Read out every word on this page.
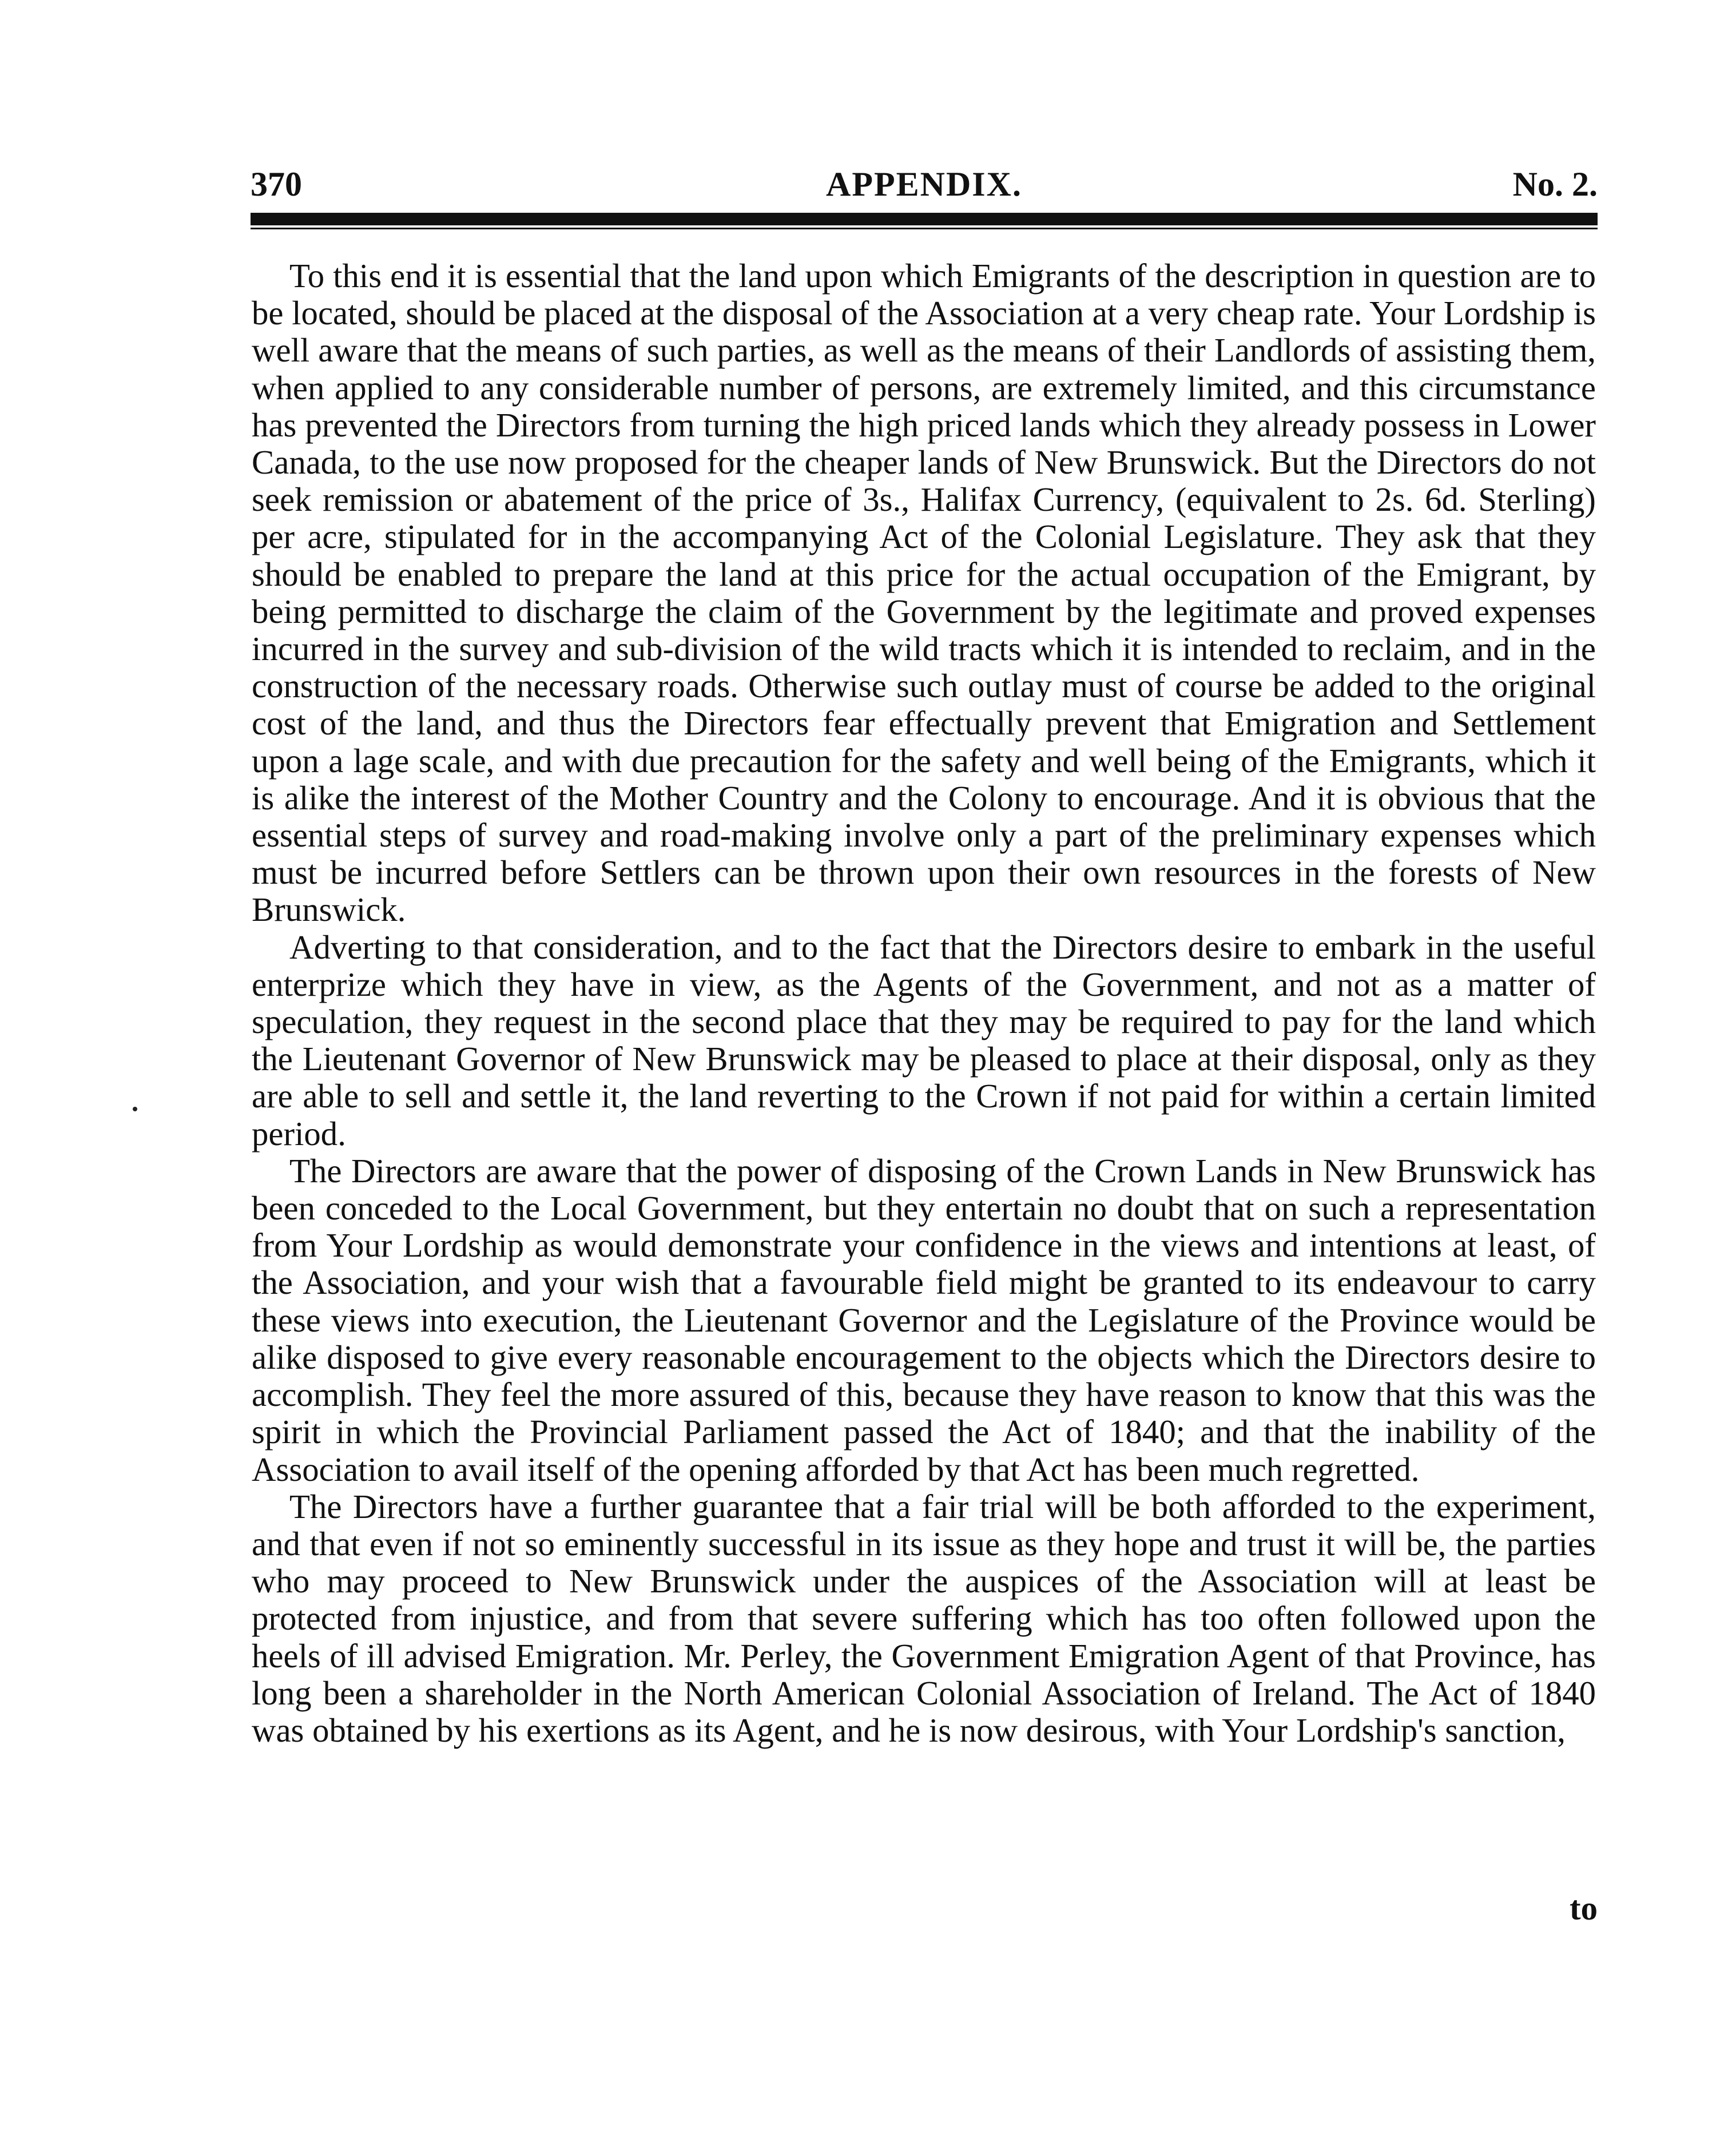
370	APPENDIX.	No. 2.

To this end it is essential that the land upon which Emigrants of the description in question are to be located, should be placed at the disposal of the Association at a very cheap rate. Your Lordship is well aware that the means of such parties, as well as the means of their Landlords of assisting them, when applied to any considerable number of persons, are extremely limited, and this circumstance has prevented the Directors from turning the high priced lands which they already possess in Lower Canada, to the use now proposed for the cheaper lands of New Brunswick. But the Directors do not seek remission or abatement of the price of 3s., Halifax Currency, (equivalent to 2s. 6d. Sterling) per acre, stipulated for in the accompanying Act of the Colonial Legislature. They ask that they should be enabled to prepare the land at this price for the actual occupation of the Emigrant, by being permitted to discharge the claim of the Government by the legitimate and proved expenses incurred in the survey and sub-division of the wild tracts which it is intended to reclaim, and in the construction of the necessary roads. Otherwise such outlay must of course be added to the original cost of the land, and thus the Directors fear effectually prevent that Emigration and Settlement upon a lage scale, and with due precaution for the safety and well being of the Emigrants, which it is alike the interest of the Mother Country and the Colony to encourage. And it is obvious that the essential steps of survey and road-making involve only a part of the preliminary expenses which must be incurred before Settlers can be thrown upon their own resources in the forests of New Brunswick.

Adverting to that consideration, and to the fact that the Directors desire to embark in the useful enterprize which they have in view, as the Agents of the Government, and not as a matter of speculation, they request in the second place that they may be required to pay for the land which the Lieutenant Governor of New Brunswick may be pleased to place at their disposal, only as they are able to sell and settle it, the land reverting to the Crown if not paid for within a certain limited period.

The Directors are aware that the power of disposing of the Crown Lands in New Brunswick has been conceded to the Local Government, but they entertain no doubt that on such a representation from Your Lordship as would demonstrate your confidence in the views and intentions at least, of the Association, and your wish that a favourable field might be granted to its endeavour to carry these views into execution, the Lieutenant Governor and the Legislature of the Province would be alike disposed to give every reasonable encouragement to the objects which the Directors desire to accomplish. They feel the more assured of this, because they have reason to know that this was the spirit in which the Provincial Parliament passed the Act of 1840; and that the inability of the Association to avail itself of the opening afforded by that Act has been much regretted.

The Directors have a further guarantee that a fair trial will be both afforded to the experiment, and that even if not so eminently successful in its issue as they hope and trust it will be, the parties who may proceed to New Brunswick under the auspices of the Association will at least be protected from injustice, and from that severe suffering which has too often followed upon the heels of ill advised Emigration. Mr. Perley, the Government Emigration Agent of that Province, has long been a shareholder in the North American Colonial Association of Ireland. The Act of 1840 was obtained by his exertions as its Agent, and he is now desirous, with Your Lordship's sanction,

to
